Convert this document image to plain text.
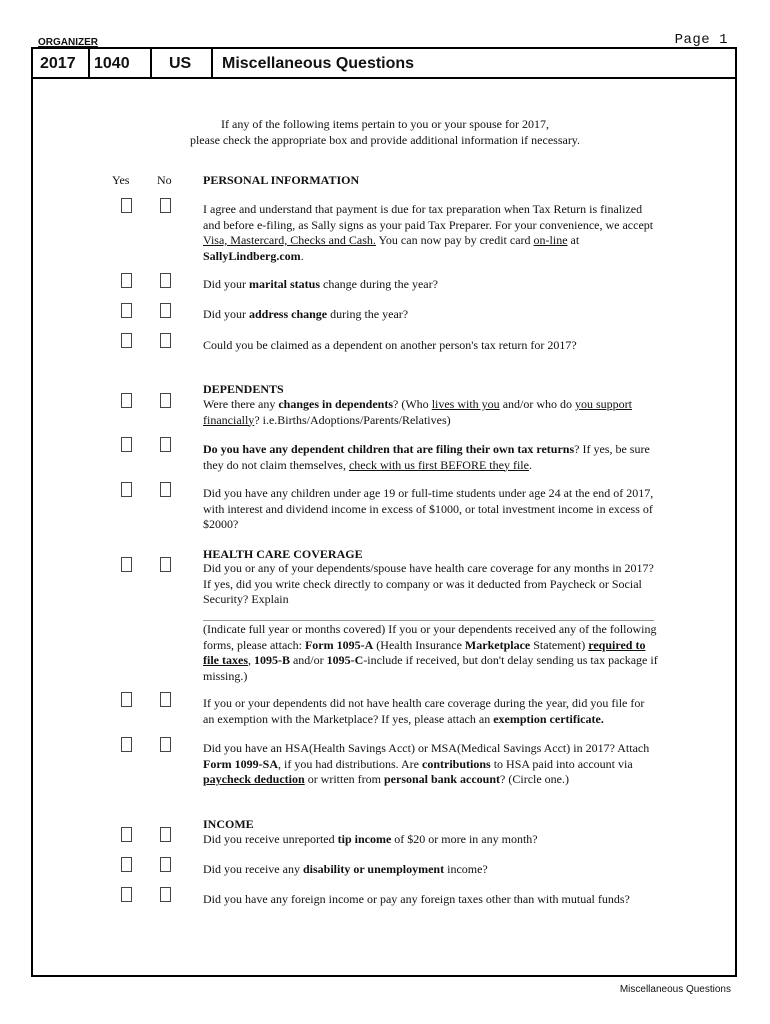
ORGANIZER	Page 1
2017 1040 US Miscellaneous Questions
If any of the following items pertain to you or your spouse for 2017,
please check the appropriate box and provide additional information if necessary.
Yes No	PERSONAL INFORMATION
I agree and understand that payment is due for tax preparation when Tax Return is finalized and before e-filing, as Sally signs as your paid Tax Preparer. For your convenience, we accept Visa, Mastercard, Checks and Cash. You can now pay by credit card on-line at SallyLindberg.com.
Did your marital status change during the year?
Did your address change during the year?
Could you be claimed as a dependent on another person's tax return for 2017?
DEPENDENTS
Were there any changes in dependents? (Who lives with you and/or who do you support financially? i.e.Births/Adoptions/Parents/Relatives)
Do you have any dependent children that are filing their own tax returns? If yes, be sure they do not claim themselves, check with us first BEFORE they file.
Did you have any children under age 19 or full-time students under age 24 at the end of 2017, with interest and dividend income in excess of $1000, or total investment income in excess of $2000?
HEALTH CARE COVERAGE
Did you or any of your dependents/spouse have health care coverage for any months in 2017? If yes, did you write check directly to company or was it deducted from Paycheck or Social Security? Explain
(Indicate full year or months covered) If you or your dependents received any of the following forms, please attach: Form 1095-A (Health Insurance Marketplace Statement) required to file taxes, 1095-B and/or 1095-C-include if received, but don't delay sending us tax package if missing.)
If you or your dependents did not have health care coverage during the year, did you file for an exemption with the Marketplace? If yes, please attach an exemption certificate.
Did you have an HSA(Health Savings Acct) or MSA(Medical Savings Acct) in 2017? Attach Form 1099-SA, if you had distributions. Are contributions to HSA paid into account via paycheck deduction or written from personal bank account? (Circle one.)
INCOME
Did you receive unreported tip income of $20 or more in any month?
Did you receive any disability or unemployment income?
Did you have any foreign income or pay any foreign taxes other than with mutual funds?
Miscellaneous Questions
